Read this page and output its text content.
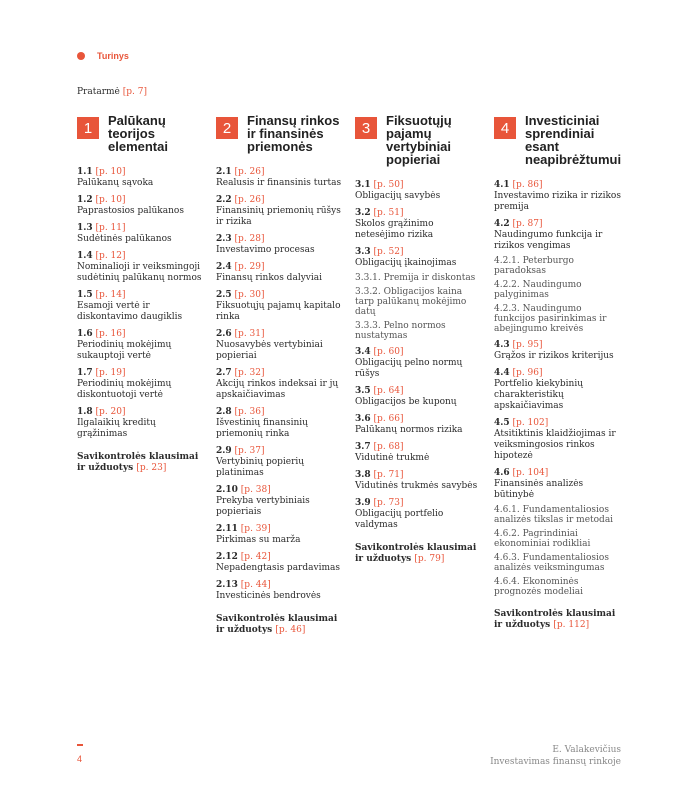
Turinys
Pratarmė [p. 7]
1	Palūkanų teorijos elementai
1.1 [p. 10]
Palūkanų sąvoka
1.2 [p. 10]
Paprastosios palūkanos
1.3 [p. 11]
Sudėtinės palūkanos
1.4 [p. 12]
Nominalioji ir veiksmingoji sudėtinių palūkanų normos
1.5 [p. 14]
Esamoji vertė ir diskontavimo daugiklis
1.6 [p. 16]
Periodinių mokėjimų sukauptoji vertė
1.7 [p. 19]
Periodinių mokėjimų diskontuotoji vertė
1.8 [p. 20]
Ilgalaikių kreditų grąžinimas
Savikontrolės klausimai ir užduotys [p. 23]
2	Finansų rinkos ir finansinės priemonės
2.1 [p. 26]
Realusis ir finansinis turtas
2.2 [p. 26]
Finansinių priemonių rūšys ir rizika
2.3 [p. 28]
Investavimo procesas
2.4 [p. 29]
Finansų rinkos dalyviai
2.5 [p. 30]
Fiksuotųjų pajamų kapitalo rinka
2.6 [p. 31]
Nuosavybės vertybiniai popieriai
2.7 [p. 32]
Akcijų rinkos indeksai ir jų apskaičiavimas
2.8 [p. 36]
Išvestinių finansinių priemonių rinka
2.9 [p. 37]
Vertybinių popierių platinimas
2.10 [p. 38]
Prekyba vertybiniais popieriais
2.11 [p. 39]
Pirkimas su marža
2.12 [p. 42]
Nepadengtasis pardavimas
2.13 [p. 44]
Investicinės bendrovės
Savikontrolės klausimai ir užduotys [p. 46]
3	Fiksuotųjų pajamų vertybiniai popieriai
3.1 [p. 50]
Obligacijų savybės
3.2 [p. 51]
Skolos grąžinimo netesėjimo rizika
3.3 [p. 52]
Obligacijų įkainojimas
3.3.1. Premija ir diskontas
3.3.2. Obligacijos kaina tarp palūkanų mokėjimo datų
3.3.3. Pelno normos nustatymas
3.4 [p. 60]
Obligacijų pelno normų rūšys
3.5 [p. 64]
Obligacijos be kuponų
3.6 [p. 66]
Palūkanų normos rizika
3.7 [p. 68]
Vidutinė trukmė
3.8 [p. 71]
Vidutinės trukmės savybės
3.9 [p. 73]
Obligacijų portfelio valdymas
Savikontrolės klausimai ir užduotys [p. 79]
4	Investiciniai sprendiniai esant neapibrėžtumui
4.1 [p. 86]
Investavimo rizika ir rizikos premija
4.2 [p. 87]
Naudingumo funkcija ir rizikos vengimas
4.2.1. Peterburgo paradoksas
4.2.2. Naudingumo palyginimas
4.2.3. Naudingumo funkcijos pasirinkimas ir abejingumo kreivės
4.3 [p. 95]
Grąžos ir rizikos kriterijus
4.4 [p. 96]
Portfelio kiekybinių charakteristikų apskaičiavimas
4.5 [p. 102]
Atsitiktinis klaidžiojimas ir veiksmingosios rinkos hipotezė
4.6 [p. 104]
Finansinės analizės būtinybė
4.6.1. Fundamentaliosios analizės tikslas ir metodai
4.6.2. Pagrindiniai ekonominiai rodikliai
4.6.3. Fundamentaliosios analizės veiksmingumas
4.6.4. Ekonominės prognozės modeliai
Savikontrolės klausimai ir užduotys [p. 112]
4
E. Valakevičius
Investavimas finansų rinkoje
